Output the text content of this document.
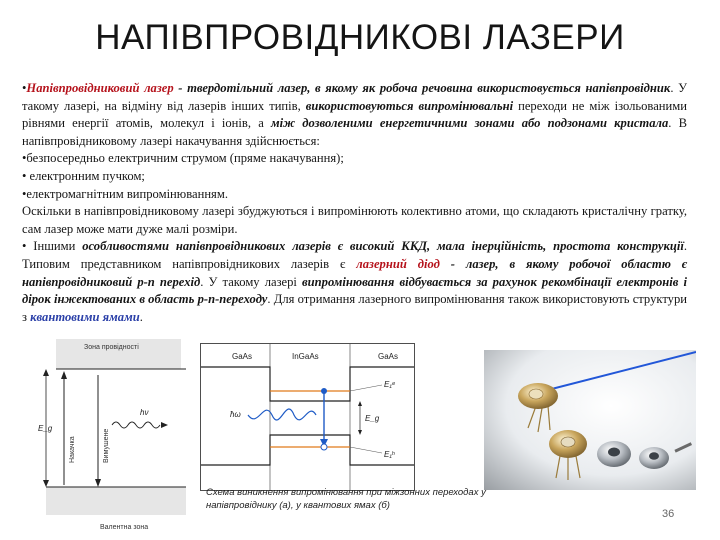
НАПІВПРОВІДНИКОВІ ЛАЗЕРИ

•Напівпровідниковий лазер - твердотільний лазер, в якому як робоча речовина використовується напівпровідник. У такому лазері, на відміну від лазерів інших типів, використовуються випромінювальні переходи не між ізольованими рівнями енергії атомів, молекул і іонів, а між дозволеними енергетичними зонами або подзонами кристала. В напівпровідниковому лазері накачування здійснюється:

•безпосередньо електричним струмом (пряме накачування);

• електронним пучком;

•електромагнітним випромінюванням.

Оскільки в напівпровідниковому лазері збуджуються і випромінюють колективно атоми, що складають кристалічну гратку, сам лазер може мати дуже малі розміри.

• Іншими особливостями напівпровідникових лазерів є високий ККД, мала інерційність, простота конструкції. Типовим представником напівпровідникових лазерів є лазерний діод - лазер, в якому робочої областю є напівпровідниковий p-n перехід. У такому лазері випромінювання відбувається за рахунок рекомбінації електронів і дірок інжектованих в область p-n-переходу. Для отримання лазерного випромінювання також використовують структури з квантовими ямами.

Зона провідності
Валентна зона
E_g
Накачка	Вимушене
hν
GaAs	InGaAs	GaAs
E₁ᵉ
E₁ʰ
E_g
ħω
Схема виникнення випромінювання при міжзонних переходах у напівпровіднику (а), у квантових ямах (б)
36
